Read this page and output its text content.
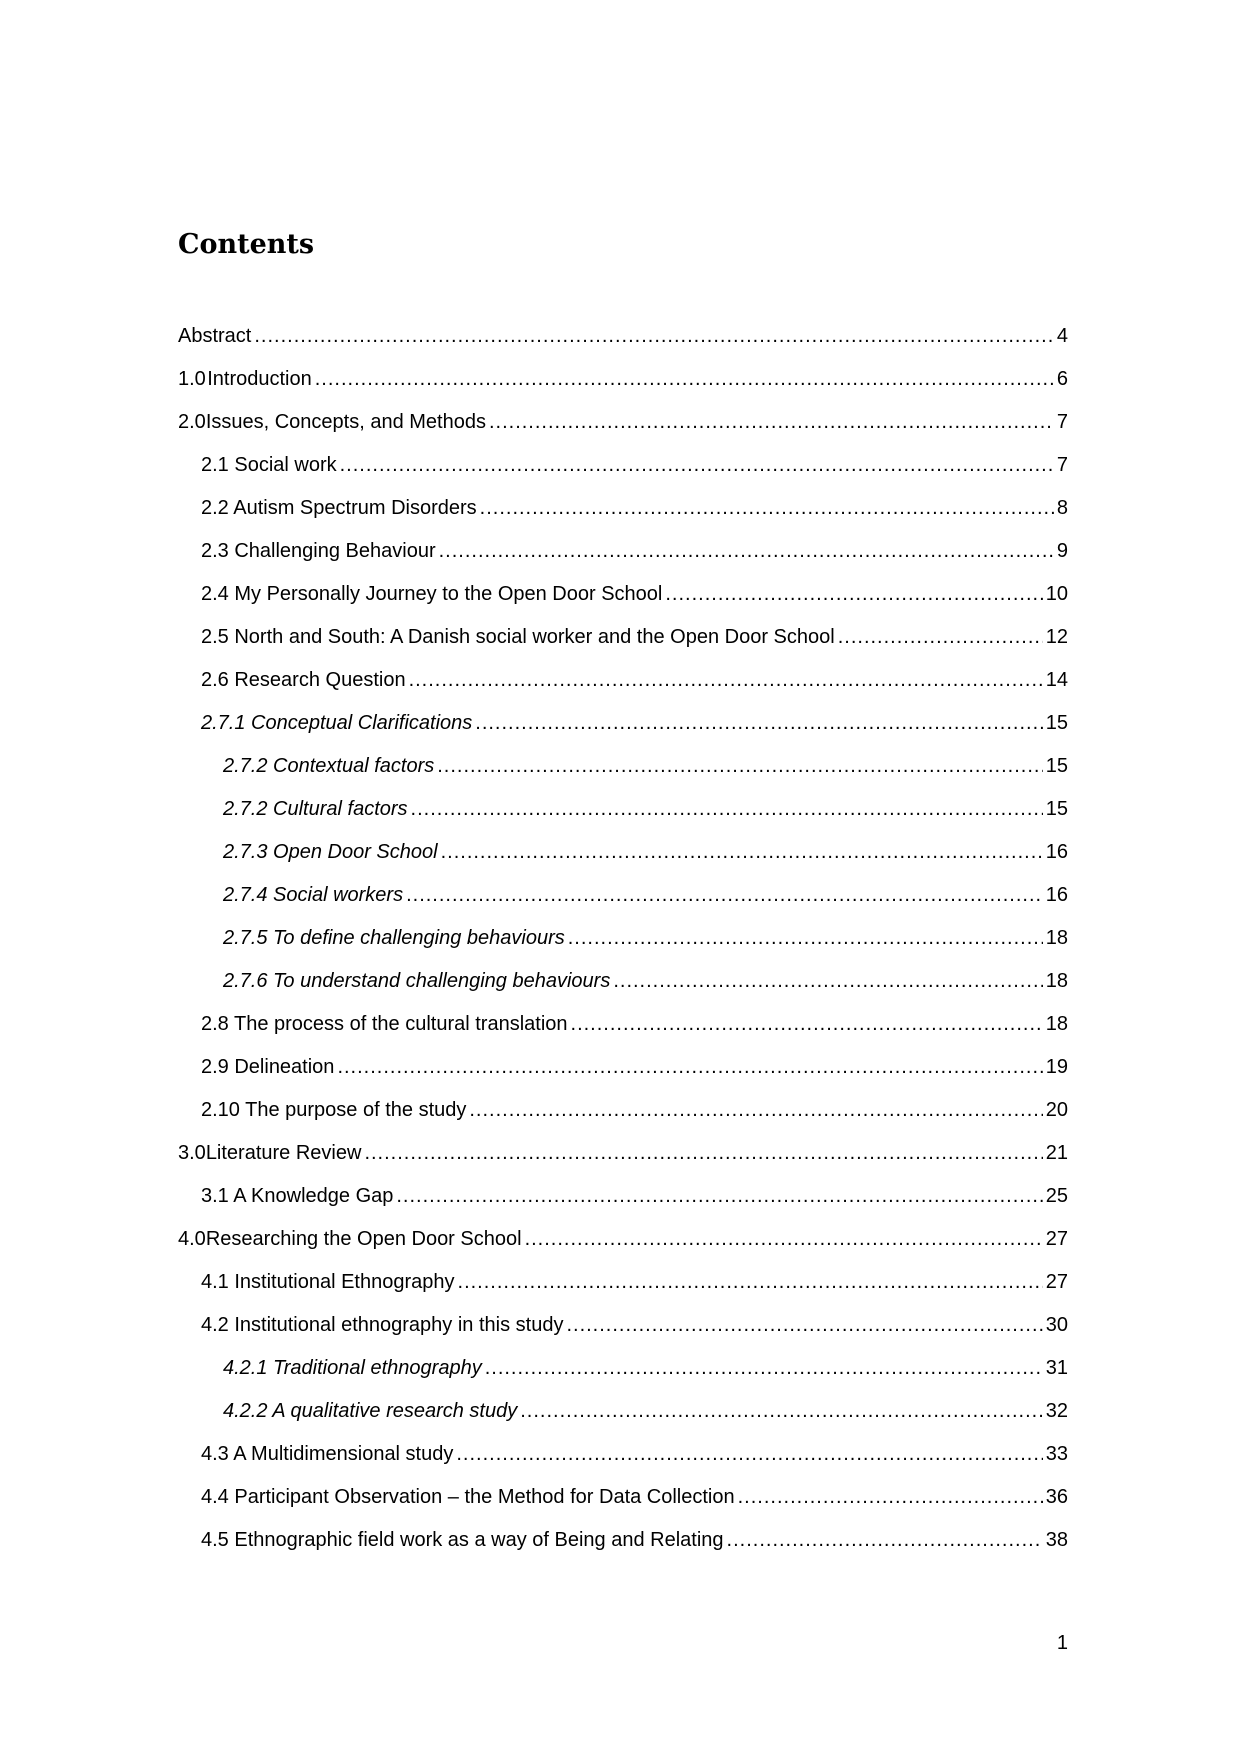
Contents
Abstract .....	4
1.0 Introduction .....	6
2.0 Issues, Concepts, and Methods .....	7
2.1 Social work .....	7
2.2 Autism Spectrum Disorders .....	8
2.3 Challenging Behaviour .....	9
2.4 My Personally Journey to the Open Door School .....	10
2.5 North and South: A Danish social worker and the Open Door School .....	12
2.6 Research Question .....	14
2.7.1 Conceptual Clarifications .....	15
2.7.2 Contextual factors .....	15
2.7.2 Cultural factors .....	15
2.7.3 Open Door School .....	16
2.7.4 Social workers .....	16
2.7.5 To define challenging behaviours .....	18
2.7.6 To understand challenging behaviours .....	18
2.8 The process of the cultural translation .....	18
2.9 Delineation .....	19
2.10 The purpose of the study .....	20
3.0 Literature Review .....	21
3.1 A Knowledge Gap .....	25
4.0 Researching the Open Door School .....	27
4.1 Institutional Ethnography .....	27
4.2 Institutional ethnography in this study .....	30
4.2.1 Traditional ethnography .....	31
4.2.2 A qualitative research study .....	32
4.3 A Multidimensional study .....	33
4.4 Participant Observation – the Method for Data Collection .....	36
4.5 Ethnographic field work as a way of Being and Relating .....	38
1
